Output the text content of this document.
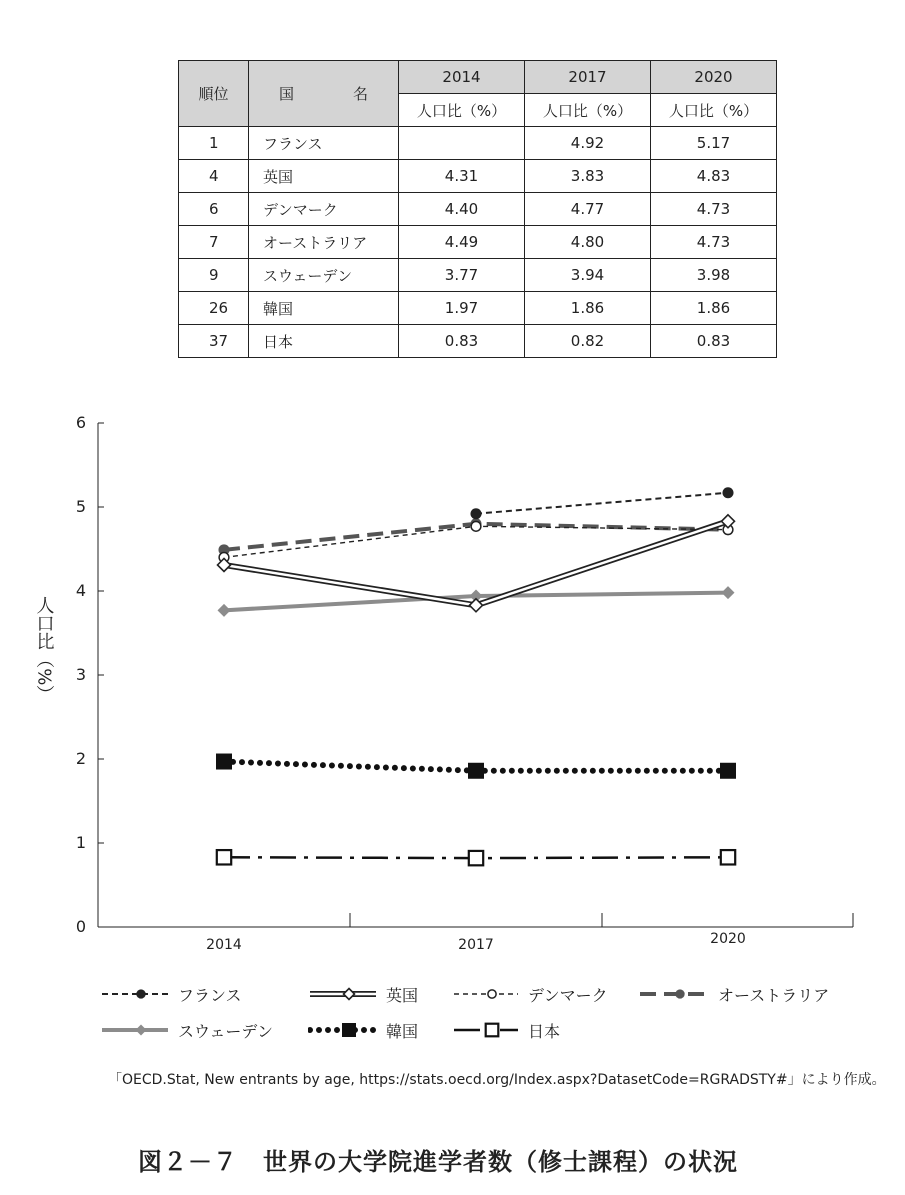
順位	国　名	2014	2017	2020
		人口比（%）	人口比（%）	人口比（%）
1	フランス		4.92	5.17
4	英国	4.31	3.83	4.83
6	デンマーク	4.40	4.77	4.73
7	オーストラリア	4.49	4.80	4.73
9	スウェーデン	3.77	3.94	3.98
26	韓国	1.97	1.86	1.86
37	日本	0.83	0.82	0.83
0
1
2
3
4
5
6
2014	2017	2020
人口比（%）
フランス	英国	デンマーク	オーストラリア
スウェーデン	韓国	日本
「OECD.Stat, New entrants by age, https://stats.oecd.org/Index.aspx?DatasetCode=RGRADSTY#」により作成。
図２－７　世界の大学院進学者数（修士課程）の状況
